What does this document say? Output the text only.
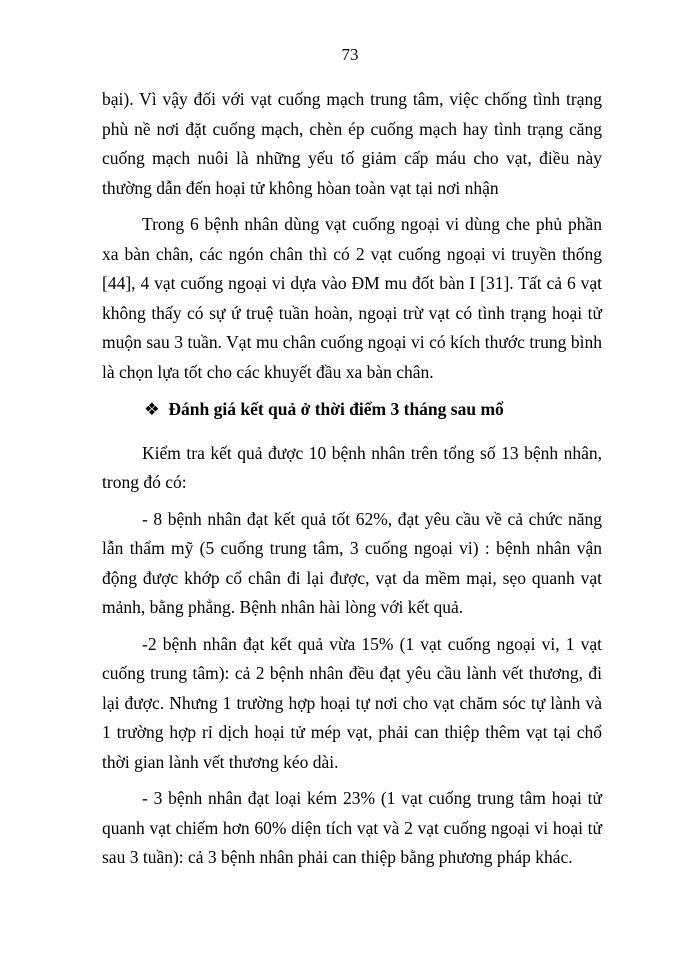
73

bại). Vì vậy đối với vạt cuống mạch trung tâm, việc chống tình trạng phù nề nơi đặt cuống mạch, chèn ép cuống mạch hay tình trạng căng cuống mạch nuôi là những yếu tố giảm cấp máu cho vạt, điều này thường dẫn đến hoại tử không hòan toàn vạt tại nơi nhận

Trong 6 bệnh nhân dùng vạt cuống ngoại vi dùng che phủ phần xa bàn chân, các ngón chân thì có 2 vạt cuống ngoại vi truyền thống [44], 4 vạt cuống ngoại vi dựa vào ĐM mu đốt bàn I [31]. Tất cả 6 vạt không thấy có sự ứ truệ tuần hoàn, ngoại trừ vạt có tình trạng hoại tử muộn sau 3 tuần. Vạt mu chân cuống ngoại vi có kích thước trung bình là chọn lựa tốt cho các khuyết đầu xa bàn chân.

❖ Đánh giá kết quả ở thời điểm 3 tháng sau mổ

Kiểm tra kết quả được 10 bệnh nhân trên tổng số 13 bệnh nhân, trong đó có:

- 8 bệnh nhân đạt kết quả tốt 62%, đạt yêu cầu về cả chức năng lẫn thẩm mỹ (5 cuống trung tâm, 3 cuống ngoại vi) : bệnh nhân vận động được khớp cổ chân đi lại được, vạt da mềm mại, sẹo quanh vạt mảnh, bằng phẳng. Bệnh nhân hài lòng với kết quả.

-2 bệnh nhân đạt kết quả vừa 15% (1 vạt cuống ngoại vi, 1 vạt cuống trung tâm): cả 2 bệnh nhân đều đạt yêu cầu lành vết thương, đi lại được. Nhưng 1 trường hợp hoại tự nơi cho vạt chăm sóc tự lành và 1 trường hợp rỉ dịch hoại tử mép vạt, phải can thiệp thêm vạt tại chổ thời gian lành vết thương kéo dài.

- 3 bệnh nhân đạt loại kém 23% (1 vạt cuống trung tâm hoại tử quanh vạt chiếm hơn 60% diện tích vạt và 2 vạt cuống ngoại vi hoại tử sau 3 tuần): cả 3 bệnh nhân phải can thiệp bằng phương pháp khác.
